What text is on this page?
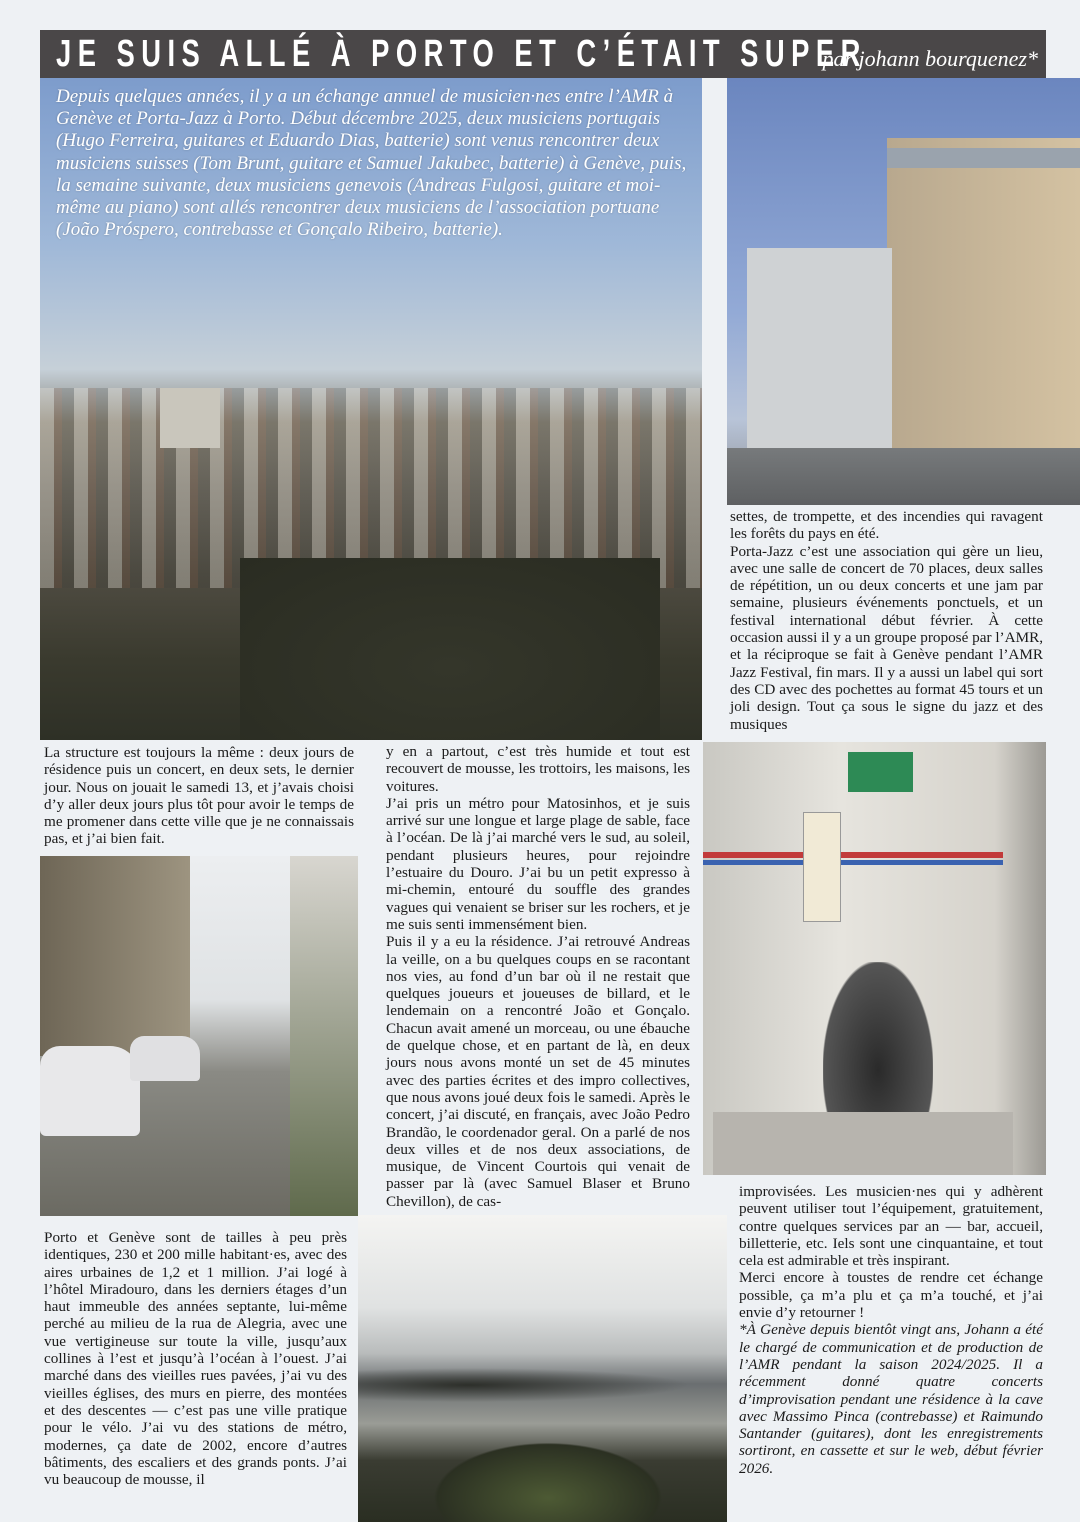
JE SUIS ALLÉ À PORTO ET C’ÉTAIT SUPER
par johann bourquenez*
Depuis quelques années, il y a un échange annuel de musicien·nes entre l’AMR à Genève et Porta-Jazz à Porto. Début décembre 2025, deux musiciens portugais (Hugo Ferreira, guitares et Eduardo Dias, batterie) sont venus rencontrer deux musiciens suisses (Tom Brunt, guitare et Samuel Jakubec, batterie) à Genève, puis, la semaine suivante, deux musiciens genevois (Andreas Fulgosi, guitare et moi-même au piano) sont allés rencontrer deux musiciens de l’association portuane (João Próspero, contrebasse et Gonçalo Ribeiro, batterie).

settes, de trompette, et des incendies qui ravagent les forêts du pays en été.

Porta-Jazz c’est une association qui gère un lieu, avec une salle de concert de 70 places, deux salles de répétition, un ou deux concerts et une jam par semaine, plusieurs événements ponctuels, et un festival international début février. À cette occasion aussi il y a un groupe proposé par l’AMR, et la réciproque se fait à Genève pendant l’AMR Jazz Festival, fin mars. Il y a aussi un label qui sort des CD avec des pochettes au format 45 tours et un joli design. Tout ça sous le signe du jazz et des musiques

La structure est toujours la même : deux jours de résidence puis un concert, en deux sets, le dernier jour. Nous on jouait le samedi 13, et j’avais choisi d’y aller deux jours plus tôt pour avoir le temps de me promener dans cette ville que je ne connaissais pas, et j’ai bien fait.

y en a partout, c’est très humide et tout est recouvert de mousse, les trottoirs, les maisons, les voitures.

J’ai pris un métro pour Matosinhos, et je suis arrivé sur une longue et large plage de sable, face à l’océan. De là j’ai marché vers le sud, au soleil, pendant plusieurs heures, pour rejoindre l’estuaire du Douro. J’ai bu un petit expresso à mi-chemin, entouré du souffle des grandes vagues qui venaient se briser sur les rochers, et je me suis senti immensément bien.

Puis il y a eu la résidence. J’ai retrouvé Andreas la veille, on a bu quelques coups en se racontant nos vies, au fond d’un bar où il ne restait que quelques joueurs et joueuses de billard, et le lendemain on a rencontré João et Gonçalo. Chacun avait amené un morceau, ou une ébauche de quelque chose, et en partant de là, en deux jours nous avons monté un set de 45 minutes avec des parties écrites et des impro collectives, que nous avons joué deux fois le samedi. Après le concert, j’ai discuté, en français, avec João Pedro Brandão, le coordenador geral. On a parlé de nos deux villes et de nos deux associations, de musique, de Vincent Courtois qui venait de passer par là (avec Samuel Blaser et Bruno Chevillon), de cas-

improvisées. Les musicien·nes qui y adhèrent peuvent utiliser tout l’équipement, gratuitement, contre quelques services par an — bar, accueil, billetterie, etc. Iels sont une cinquantaine, et tout cela est admirable et très inspirant.

Merci encore à toustes de rendre cet échange possible, ça m’a plu et ça m’a touché, et j’ai envie d’y retourner !

*À Genève depuis bientôt vingt ans, Johann a été le chargé de communication et de production de l’AMR pendant la saison 2024/2025. Il a récemment donné quatre concerts d’improvisation pendant une résidence à la cave avec Massimo Pinca (contrebasse) et Raimundo Santander (guitares), dont les enregistrements sortiront, en cassette et sur le web, début février 2026.

Porto et Genève sont de tailles à peu près identiques, 230 et 200 mille habitant·es, avec des aires urbaines de 1,2 et 1 million. J’ai logé à l’hôtel Miradouro, dans les derniers étages d’un haut immeuble des années septante, lui-même perché au milieu de la rua de Alegria, avec une vue vertigineuse sur toute la ville, jusqu’aux collines à l’est et jusqu’à l’océan à l’ouest. J’ai marché dans des vieilles rues pavées, j’ai vu des vieilles églises, des murs en pierre, des montées et des descentes — c’est pas une ville pratique pour le vélo. J’ai vu des stations de métro, modernes, ça date de 2002, encore d’autres bâtiments, des escaliers et des grands ponts. J’ai vu beaucoup de mousse, il
